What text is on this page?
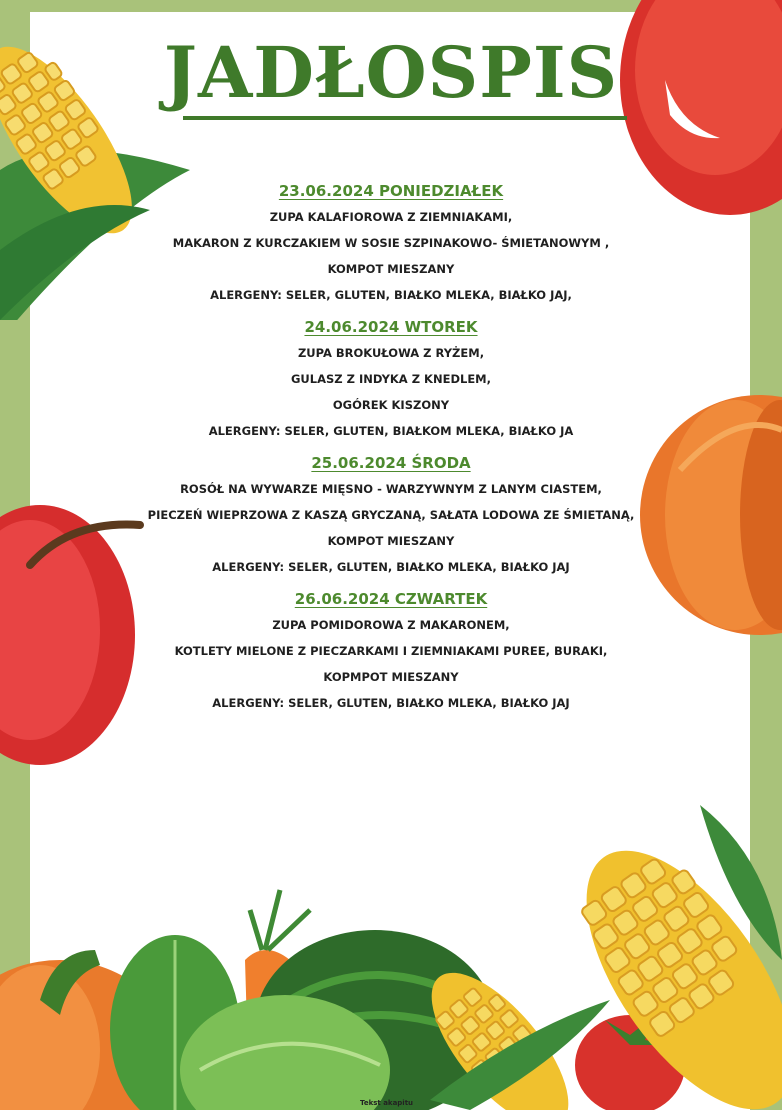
JADŁOSPIS

23.06.2024 PONIEDZIAŁEK

ZUPA KALAFIOROWA Z ZIEMNIAKAMI,

MAKARON Z KURCZAKIEM W SOSIE SZPINAKOWO- ŚMIETANOWYM ,

KOMPOT MIESZANY

ALERGENY: SELER, GLUTEN, BIAŁKO MLEKA, BIAŁKO JAJ,

24.06.2024 WTOREK

ZUPA BROKUŁOWA Z RYŻEM,

GULASZ Z INDYKA Z KNEDLEM,

OGÓREK KISZONY

ALERGENY: SELER, GLUTEN, BIAŁKOM MLEKA, BIAŁKO JA

25.06.2024 ŚRODA

ROSÓŁ NA WYWARZE MIĘSNO - WARZYWNYM Z LANYM CIASTEM,

PIECZEŃ WIEPRZOWA Z KASZĄ GRYCZANĄ, SAŁATA LODOWA ZE ŚMIETANĄ,

KOMPOT MIESZANY

ALERGENY: SELER, GLUTEN, BIAŁKO MLEKA, BIAŁKO JAJ

26.06.2024 CZWARTEK

ZUPA POMIDOROWA Z MAKARONEM,

KOTLETY MIELONE Z PIECZARKAMI I ZIEMNIAKAMI PUREE, BURAKI,

KOPMPOT MIESZANY

ALERGENY: SELER, GLUTEN, BIAŁKO MLEKA, BIAŁKO JAJ

Tekst akapitu
